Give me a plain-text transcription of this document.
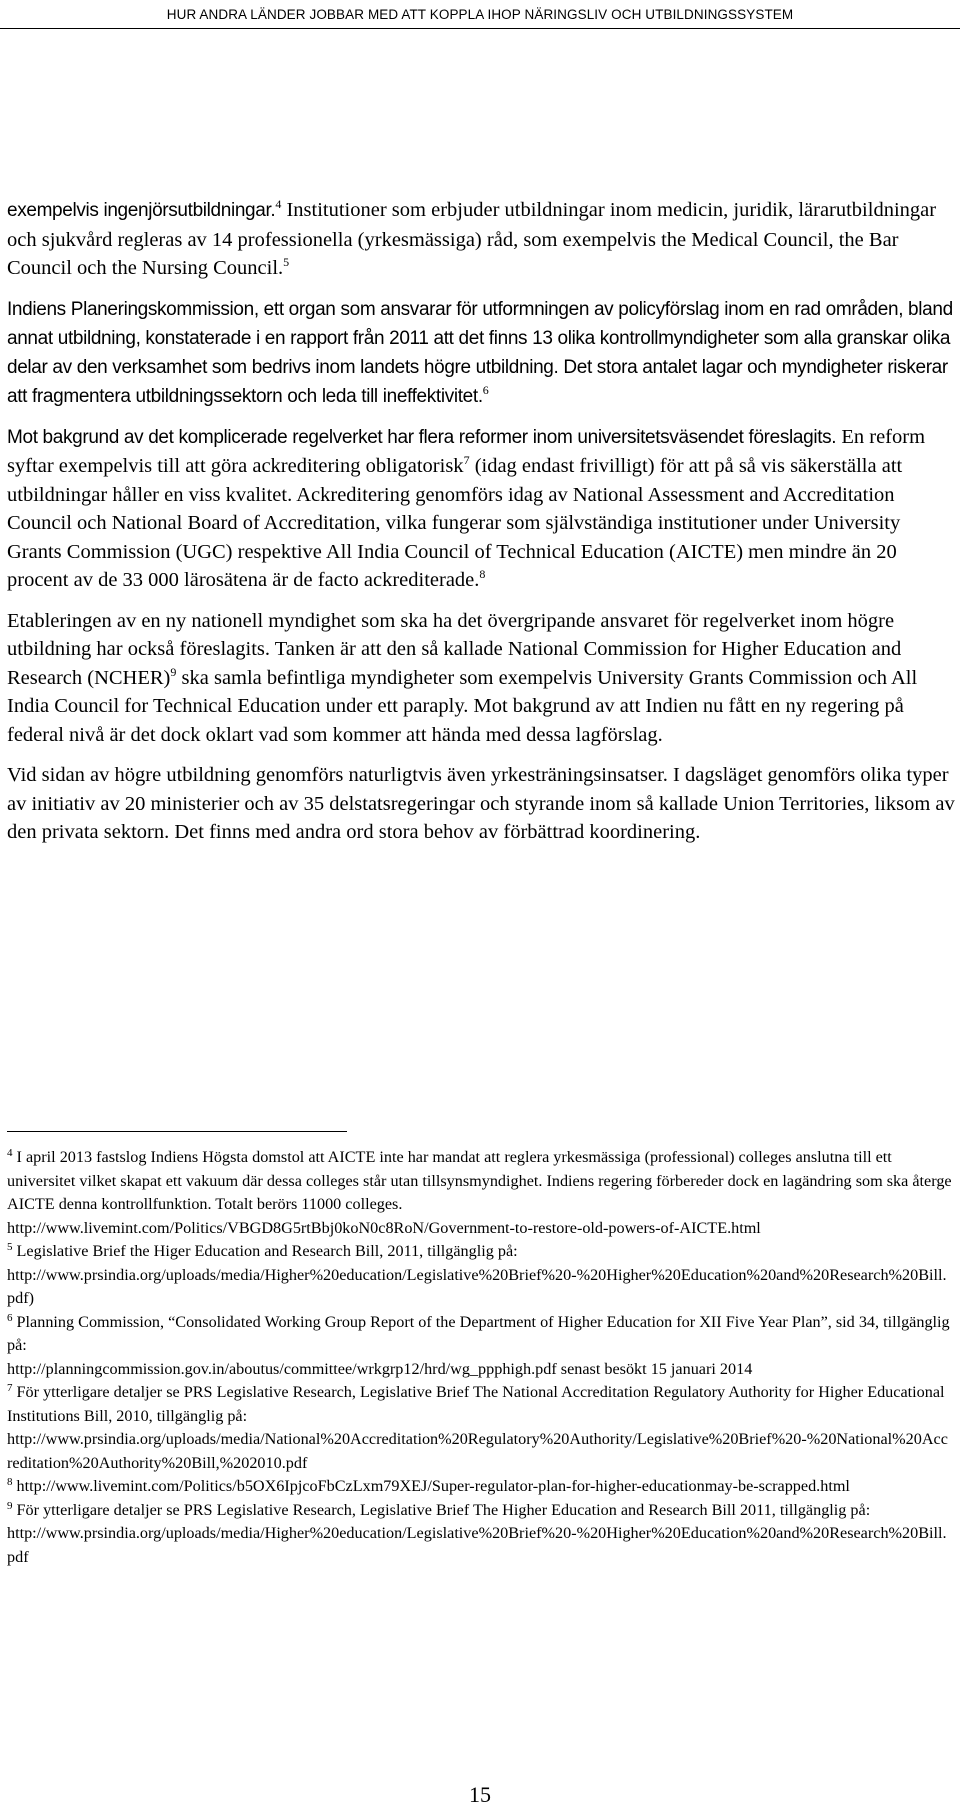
HUR ANDRA LÄNDER JOBBAR MED ATT KOPPLA IHOP NÄRINGSLIV OCH UTBILDNINGSSYSTEM

exempelvis ingenjörsutbildningar.$^4$ Institutioner som erbjuder utbildningar inom medicin, juridik, lärarutbildningar och sjukvård regleras av 14 professionella (yrkesmässiga) råd, som exempelvis the Medical Council, the Bar Council och the Nursing Council.$^5$

Indiens Planeringskommission, ett organ som ansvarar för utformningen av policyförslag inom en rad områden, bland annat utbildning, konstaterade i en rapport från 2011 att det finns 13 olika kontrollmyndigheter som alla granskar olika delar av den verksamhet som bedrivs inom landets högre utbildning. Det stora antalet lagar och myndigheter riskerar att fragmentera utbildningssektorn och leda till ineffektivitet.$^6$

Mot bakgrund av det komplicerade regelverket har flera reformer inom universitetsväsendet föreslagits. En reform syftar exempelvis till att göra ackreditering obligatorisk$^7$ (idag endast frivilligt) för att på så vis säkerställa att utbildningar håller en viss kvalitet. Ackreditering genomförs idag av National Assessment and Accreditation Council och National Board of Accreditation, vilka fungerar som självständiga institutioner under University Grants Commission (UGC) respektive All India Council of Technical Education (AICTE) men mindre än 20 procent av de 33 000 lärosätena är de facto ackrediterade.$^8$

Etableringen av en ny nationell myndighet som ska ha det övergripande ansvaret för regelverket inom högre utbildning har också föreslagits. Tanken är att den så kallade National Commission for Higher Education and Research (NCHER)$^9$ ska samla befintliga myndigheter som exempelvis University Grants Commission och All India Council for Technical Education under ett paraply. Mot bakgrund av att Indien nu fått en ny regering på federal nivå är det dock oklart vad som kommer att hända med dessa lagförslag.

Vid sidan av högre utbildning genomförs naturligtvis även yrkesträningsinsatser. I dagsläget genomförs olika typer av initiativ av 20 ministerier och av 35 delstatsregeringar och styrande inom så kallade Union Territories, liksom av den privata sektorn. Det finns med andra ord stora behov av förbättrad koordinering.

$^4$ I april 2013 fastslog Indiens Högsta domstol att AICTE inte har mandat att reglera yrkesmässiga (professional) colleges anslutna till ett universitet vilket skapat ett vakuum där dessa colleges står utan tillsynsmyndighet. Indiens regering förbereder dock en lagändring som ska återge AICTE denna kontrollfunktion. Totalt berörs 11000 colleges.
http://www.livemint.com/Politics/VBGD8G5rtBbj0koN0c8RoN/Government-to-restore-old-powers-of-AICTE.html

$^5$ Legislative Brief the Higer Education and Research Bill, 2011, tillgänglig på:
http://www.prsindia.org/uploads/media/Higher%20education/Legislative%20Brief%20-%20Higher%20Education%20and%20Research%20Bill.pdf)

$^6$ Planning Commission, “Consolidated Working Group Report of the Department of Higher Education for XII Five Year Plan”, sid 34, tillgänglig på:
http://planningcommission.gov.in/aboutus/committee/wrkgrp12/hrd/wg_ppphigh.pdf senast besökt 15 januari 2014

$^7$ För ytterligare detaljer se PRS Legislative Research, Legislative Brief The National Accreditation Regulatory Authority for Higher Educational Institutions Bill, 2010, tillgänglig på:
http://www.prsindia.org/uploads/media/National%20Accreditation%20Regulatory%20Authority/Legislative%20Brief%20-%20National%20Accreditation%20Authority%20Bill,%202010.pdf

$^8$ http://www.livemint.com/Politics/b5OX6IpjcoFbCzLxm79XEJ/Super-regulator-plan-for-higher-educationmay-be-scrapped.html

$^9$ För ytterligare detaljer se PRS Legislative Research, Legislative Brief The Higher Education and Research Bill 2011, tillgänglig på:
http://www.prsindia.org/uploads/media/Higher%20education/Legislative%20Brief%20-%20Higher%20Education%20and%20Research%20Bill.pdf

15
